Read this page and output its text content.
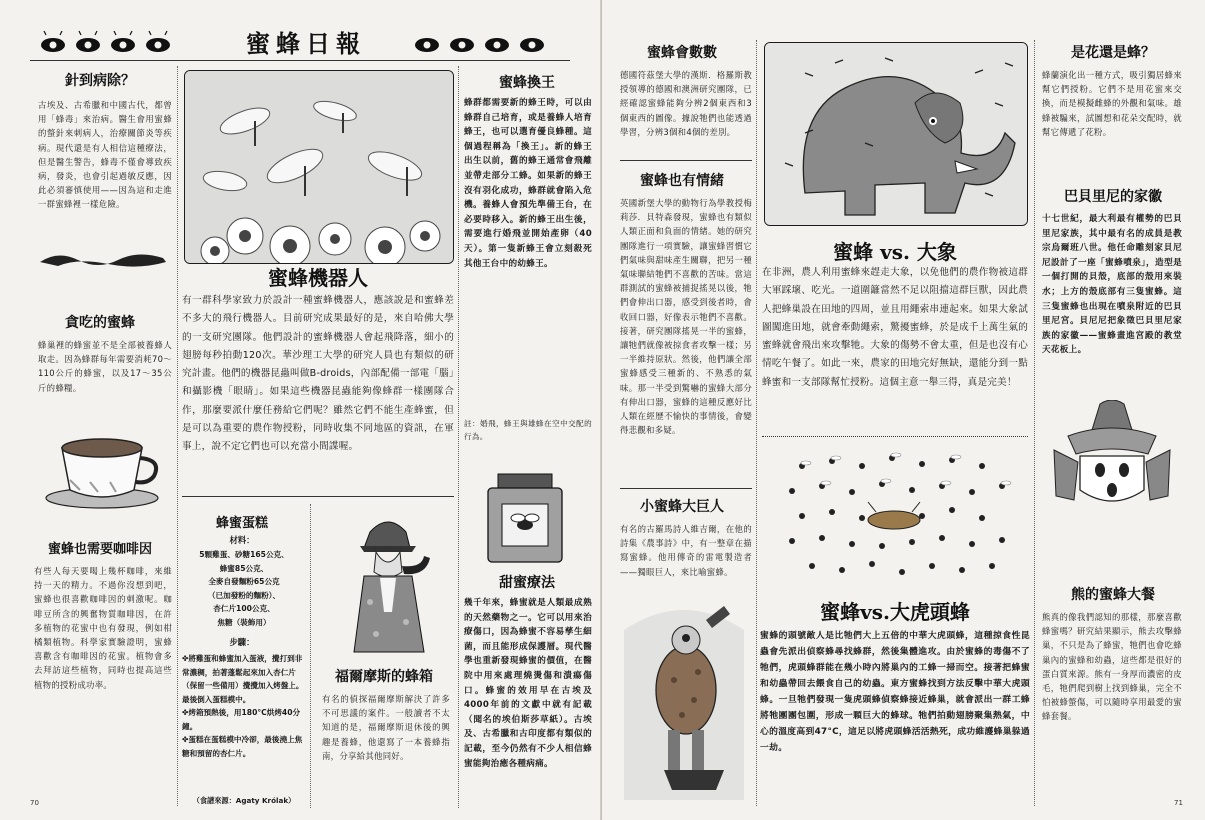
蜜蜂日報
針到病除？
古埃及、古希臘和中國古代，都曾用「蜂毒」來治病。醫生會用蜜蜂的螫針來刺病人，治療關節炎等疾病。現代還是有人相信這種療法，但是醫生警告，蜂毒不僅會導致疾病，發炎，也會引起過敏反應，因此必須審慎使用——因為這和走進一群蜜蜂裡一樣危險。
貪吃的蜜蜂
蜂巢裡的蜂蜜並不是全部被養蜂人取走。因為蜂群每年需要消耗70～110公斤的蜂蜜，以及17～35公斤的蜂糧。
蜜蜂也需要咖啡因
有些人每天要喝上幾杯咖啡，來維持一天的精力。不過你沒想到吧，蜜蜂也很喜歡咖啡因的刺激呢。咖啡豆所含的興奮物質咖啡因，在許多植物的花蜜中也有發現，例如柑橘類植物。科學家實驗證明，蜜蜂喜歡含有咖啡因的花蜜。植物會多去拜訪這些植物，同時也提高這些植物的授粉成功率。
蜜蜂機器人
有一群科學家致力於設計一種蜜蜂機器人，應該說是和蜜蜂差不多大的飛行機器人。目前研究成果最好的是，來自哈佛大學的一支研究團隊。他們設計的蜜蜂機器人會起飛降落，細小的翅膀每秒拍動120次。華沙理工大學的研究人員也有類似的研究計畫。他們的機器昆蟲叫做B-droids，內部配備一部電「腦」和攝影機「眼睛」。如果這些機器昆蟲能夠像蜂群一樣團隊合作，那麼要派什麼任務給它們呢？雖然它們不能生產蜂蜜，但是可以為重要的農作物授粉，同時收集不同地區的資訊，在軍事上，說不定它們也可以充當小間諜喔。
蜂蜜蛋糕
材料：
5顆雞蛋、砂糖165公克、
蜂蜜85公克、
全麥自發麵粉65公克
（已加發粉的麵粉）、
杏仁片100公克、
焦糖（裝飾用）
步驟：
✤將雞蛋和蜂蜜加入蛋液，攪打到非常濃稠，拍著蓬鬆起來加入杏仁片（保留一些備用）攪攪加入烤盤上。最後倒入蛋糕模中。
✤烤箱預熱後，用180°C烘烤40分鐘。
✤蛋糕在蛋糕模中冷卻，最後澆上焦糖和預留的杏仁片。
（食譜來源：Agaty Królak）
福爾摩斯的蜂箱
有名的偵探福爾摩斯解決了許多不可思議的案件。一般讀者不太知道的是，福爾摩斯退休後的興趣是養蜂，他還寫了一本養蜂指南，分享給其他同好。
蜜蜂換王
蜂群都需要新的蜂王時，可以由蜂群自己培育，或是養蜂人培育蜂王，也可以選育優良蜂種。這個過程稱為「換王」。新的蜂王出生以前，舊的蜂王通常會飛離並帶走部分工蜂。如果新的蜂王沒有羽化成功，蜂群就會陷入危機。養蜂人會預先準備王台，在必要時移入。新的蜂王出生後，需要進行婚飛並開始產卵（40天）。第一隻新蜂王會立刻殺死其他王台中的幼蜂王。
註：婚飛，蜂王與雄蜂在空中交配的行為。
甜蜜療法
幾千年來，蜂蜜就是人類最成熟的天然藥物之一。它可以用來治療傷口，因為蜂蜜不容易孳生細菌，而且能形成保護層。現代醫學也重新發現蜂蜜的價值，在醫院中用來處理燒燙傷和潰瘍傷口。蜂蜜的效用早在古埃及4000年前的文獻中就有記載（聞名的埃伯斯莎草紙）。古埃及、古希臘和古印度都有類似的記載，至今仍然有不少人相信蜂蜜能夠治癒各種病痛。
70
蜜蜂會數數
德國符茲堡大學的漢斯．格羅斯教授領導的德國和澳洲研究團隊，已經確認蜜蜂能夠分辨2個東西和3個東西的圖像。據說牠們也能透過學習，分辨3個和4個的差別。
蜜蜂也有情緒
英國新堡大學的動物行為學教授梅莉莎．貝特森發現，蜜蜂也有類似人類正面和負面的情緒。她的研究團隊進行一項實驗，讓蜜蜂習慣它們氣味與甜味產生關聯，把另一種氣味聯結牠們不喜歡的苦味。當這群測試的蜜蜂被捕捉搖晃以後，牠們會伸出口器，感受到後者時，會收回口器，好像表示牠們不喜歡。接著，研究團隊搖晃一半的蜜蜂，讓牠們就像被掠食者攻擊一樣；另一半維持原狀。然後，他們讓全部蜜蜂感受三種新的、不熟悉的氣味。那一半受到驚嚇的蜜蜂大部分有伸出口器，蜜蜂的這種反應好比人類在經歷不愉快的事情後，會變得悲觀和多疑。
小蜜蜂大巨人
有名的古羅馬詩人維吉爾，在他的詩集《農事詩》中，有一整章在描寫蜜蜂。他用傳奇的雷電製造者——獨眼巨人，來比喻蜜蜂。
蜜蜂 vs. 大象
在非洲，農人利用蜜蜂來趕走大象，以免他們的農作物被這群大軍踩壞、吃光。一道圍籬當然不足以阻擋這群巨獸，因此農人把蜂巢設在田地的四周，並且用繩索串連起來。如果大象試圖闖進田地，就會牽動繩索，驚擾蜜蜂，於是成千上萬生氣的蜜蜂就會飛出來攻擊牠。大象的傷勢不會太重，但是也沒有心情吃午餐了。如此一來，農家的田地完好無缺，還能分到一點蜂蜜和一支部隊幫忙授粉。這個主意一舉三得，真是完美！
蜜蜂vs.大虎頭蜂
蜜蜂的頭號敵人是比牠們大上五倍的中華大虎頭蜂，這種掠食性昆蟲會先派出偵察蜂尋找蜂群，然後集體進攻。由於蜜蜂的毒傷不了牠們，虎頭蜂群能在幾小時內將巢內的工蜂一掃而空。接著把蜂蜜和幼蟲帶回去餵食自己的幼蟲。東方蜜蜂找到方法反擊中華大虎頭蜂。一旦牠們發現一隻虎頭蜂偵察蜂接近蜂巢，就會派出一群工蜂將牠團團包圍，形成一顆巨大的蜂球。牠們拍動翅膀聚集熱氣，中心的溫度高到47°C，這足以將虎頭蜂活活熱死，成功維護蜂巢躲過一劫。
是花還是蜂？
蜂蘭演化出一種方式，吸引獨居蜂來幫它們授粉。它們不是用花蜜來交換，而是模擬雌蜂的外觀和氣味。雄蜂被騙來，試圖想和花朵交配時，就幫它傳遞了花粉。
巴貝里尼的家徽
十七世紀，最大利最有權勢的巴貝里尼家族，其中最有名的成員是教宗烏爾班八世。他任命雕刻家貝尼尼設計了一座「蜜蜂噴泉」，造型是一個打開的貝殼，底部的殼用來裝水；上方的殼底部有三隻蜜蜂。這三隻蜜蜂也出現在噴泉附近的巴貝里尼宮。貝尼尼把象徵巴貝里尼家族的家徽——蜜蜂畫進宮殿的教堂天花板上。
熊的蜜蜂大餐
熊真的像我們認知的那樣，那麼喜歡蜂蜜嗎？研究結果顯示，熊去攻擊蜂巢，不只是為了蜂蜜，牠們也會吃蜂巢內的蜜蜂和幼蟲，這些都是很好的蛋白質來源。熊有一身厚而濃密的皮毛，牠們爬到樹上找到蜂巢，完全不怕被蜂螫傷，可以隨時享用最愛的蜜蜂套餐。
71
